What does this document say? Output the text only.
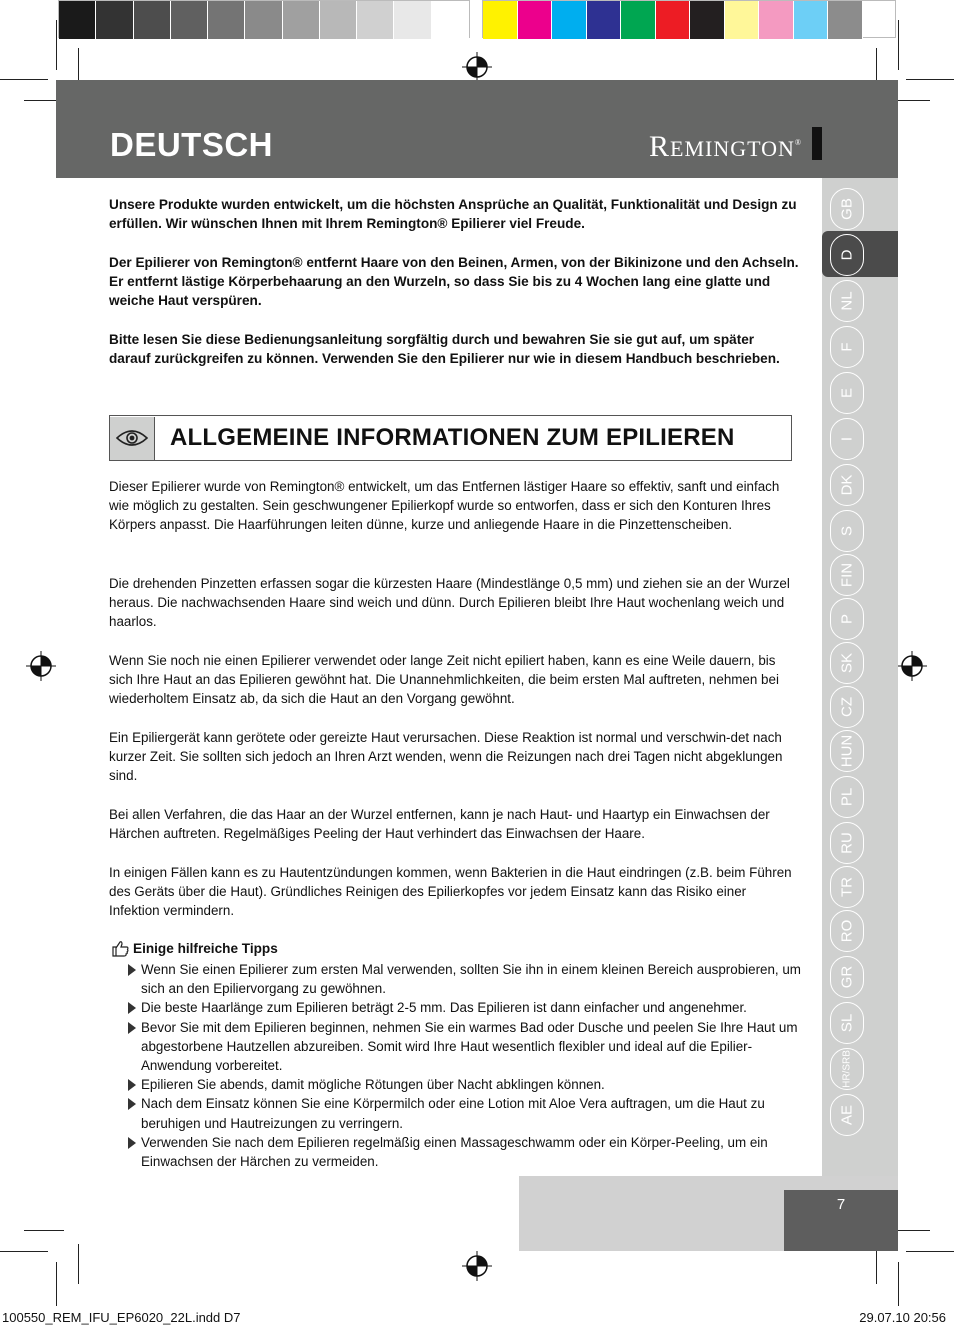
DEUTSCH	REMINGTON®
GB
D
NL
F
E
I
DK
S
FIN
P
SK
CZ
HUN
PL
RU
TR
RO
GR
SL
HR/SRB
AE
Unsere Produkte wurden entwickelt, um die höchsten Ansprüche an Qualität, Funktionalität und Design zu erfüllen. Wir wünschen Ihnen mit Ihrem Remington® Epilierer viel Freude.
Der Epilierer von Remington® entfernt Haare von den Beinen, Armen, von der Bikinizone und den Achseln. Er entfernt lästige Körperbehaarung an den Wurzeln, so dass Sie bis zu 4 Wochen lang eine glatte und weiche Haut verspüren.
Bitte lesen Sie diese Bedienungsanleitung sorgfältig durch und bewahren Sie sie gut auf, um später darauf zurückgreifen zu können. Verwenden Sie den Epilierer nur wie in diesem Handbuch beschrieben.
ALLGEMEINE INFORMATIONEN ZUM EPILIEREN
Dieser Epilierer wurde von Remington® entwickelt, um das Entfernen lästiger Haare so effektiv, sanft und einfach wie möglich zu gestalten. Sein geschwungener Epilierkopf wurde so entworfen, dass er sich den Konturen Ihres Körpers anpasst. Die Haarführungen leiten dünne, kurze und anliegende Haare in die Pinzettenscheiben.
Die drehenden Pinzetten erfassen sogar die kürzesten Haare (Mindestlänge 0,5 mm) und ziehen sie an der Wurzel heraus. Die nachwachsenden Haare sind weich und dünn. Durch Epilieren bleibt Ihre Haut wochenlang weich und haarlos.
Wenn Sie noch nie einen Epilierer verwendet oder lange Zeit nicht epiliert haben, kann es eine Weile dauern, bis sich Ihre Haut an das Epilieren gewöhnt hat. Die Unannehmlichkeiten, die beim ersten Mal auftreten, nehmen bei wiederholtem Einsatz ab, da sich die Haut an den Vorgang gewöhnt.
Ein Epiliergerät kann gerötete oder gereizte Haut verursachen. Diese Reaktion ist normal und verschwin-det nach kurzer Zeit. Sie sollten sich jedoch an Ihren Arzt wenden, wenn die Reizungen nach drei Tagen nicht abgeklungen sind.
Bei allen Verfahren, die das Haar an der Wurzel entfernen, kann je nach Haut- und Haartyp ein Einwachsen der Härchen auftreten. Regelmäßiges Peeling der Haut verhindert das Einwachsen der Haare.
In einigen Fällen kann es zu Hautentzündungen kommen, wenn Bakterien in die Haut eindringen (z.B. beim Führen des Geräts über die Haut). Gründliches Reinigen des Epilierkopfes vor jedem Einsatz kann das Risiko einer Infektion vermindern.
Einige hilfreiche Tipps
Wenn Sie einen Epilierer zum ersten Mal verwenden, sollten Sie ihn in einem kleinen Bereich ausprobieren, um sich an den Epiliervorgang zu gewöhnen.
Die beste Haarlänge zum Epilieren beträgt 2-5 mm. Das Epilieren ist dann einfacher und angenehmer.
Bevor Sie mit dem Epilieren beginnen, nehmen Sie ein warmes Bad oder Dusche und peelen Sie Ihre Haut um abgestorbene Hautzellen abzureiben. Somit wird Ihre Haut wesentlich flexibler und ideal auf die Epilier-Anwendung vorbereitet.
Epilieren Sie abends, damit mögliche Rötungen über Nacht abklingen können.
Nach dem Einsatz können Sie eine Körpermilch oder eine Lotion mit Aloe Vera auftragen, um die Haut zu beruhigen und Hautreizungen zu verringern.
Verwenden Sie nach dem Epilieren regelmäßig einen Massageschwamm oder ein Körper-Peeling, um ein Einwachsen der Härchen zu vermeiden.
7
100550_REM_IFU_EP6020_22L.indd D7	29.07.10 20:56
